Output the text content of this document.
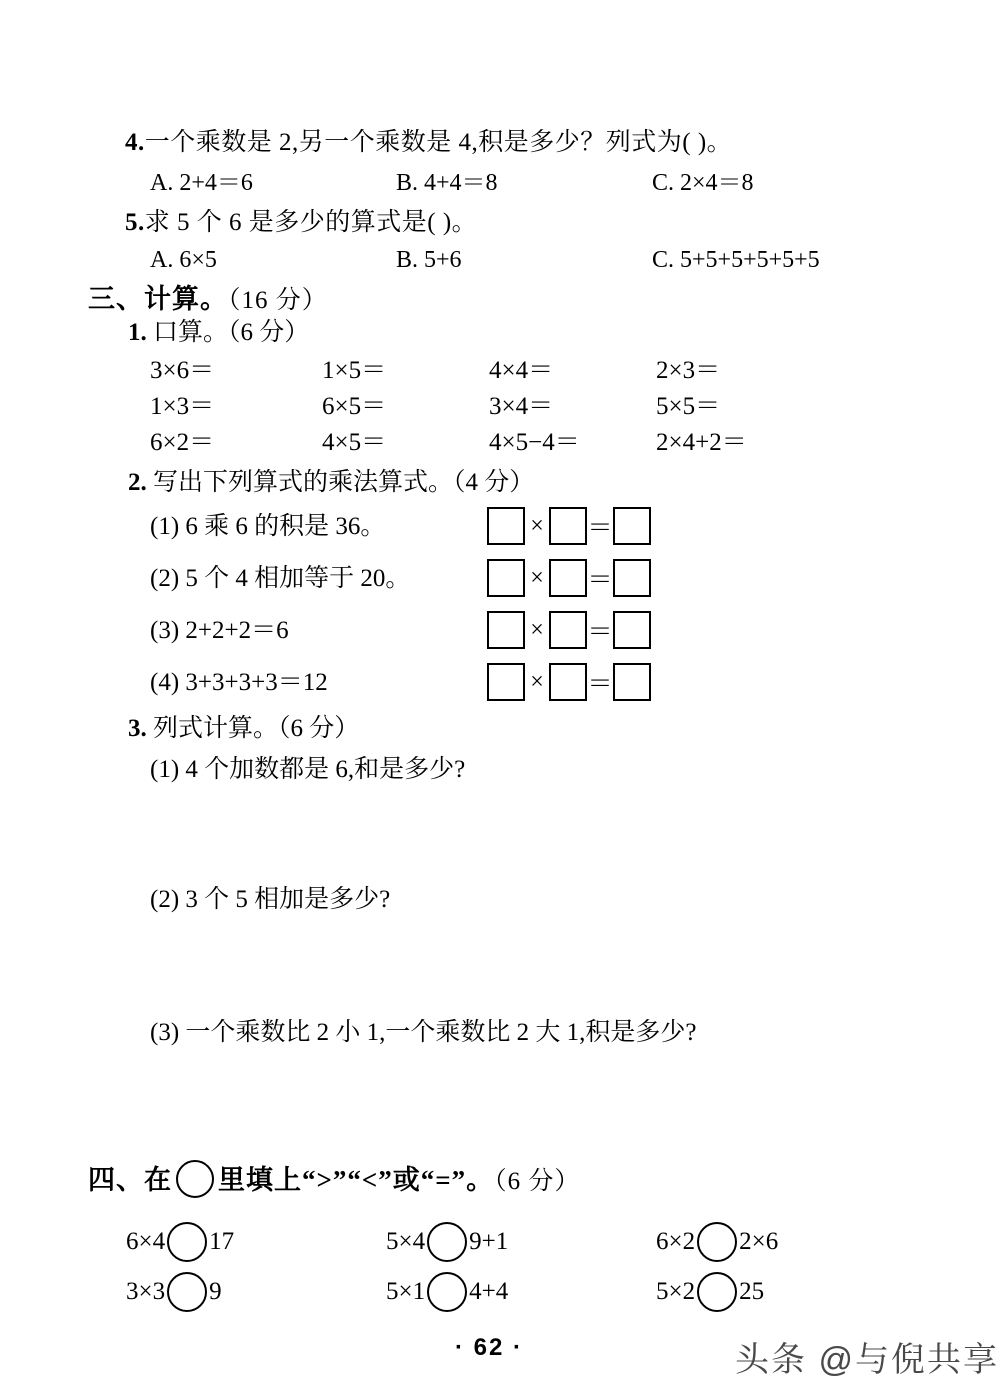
4.一个乘数是 2,另一个乘数是 4,积是多少？列式为( )。
A. 2+4＝6	B. 4+4＝8	C. 2×4＝8
5.求 5 个 6 是多少的算式是( )。
A. 6×5	B. 5+6	C. 5+5+5+5+5+5
三、计算。（16 分）
1. 口算。（6 分）
3×6＝	1×5＝	4×4＝	2×3＝
1×3＝	6×5＝	3×4＝	5×5＝
6×2＝	4×5＝	4×5−4＝	2×4+2＝
2. 写出下列算式的乘法算式。（4 分）
(1) 6 乘 6 的积是 36。
(2) 5 个 4 相加等于 20。
(3) 2+2+2＝6
(4) 3+3+3+3＝12
× ＝
× ＝
× ＝
× ＝
3. 列式计算。（6 分）
(1) 4 个加数都是 6,和是多少?
(2) 3 个 5 相加是多少?
(3) 一个乘数比 2 小 1,一个乘数比 2 大 1,积是多少?
四、在 里填上“>”“<”或“=”。（6 分）
6×4 17	5×4 9+1	6×2 2×6
3×3 9	5×1 4+4	5×2 25
· 62 ·	头条 @与倪共享
